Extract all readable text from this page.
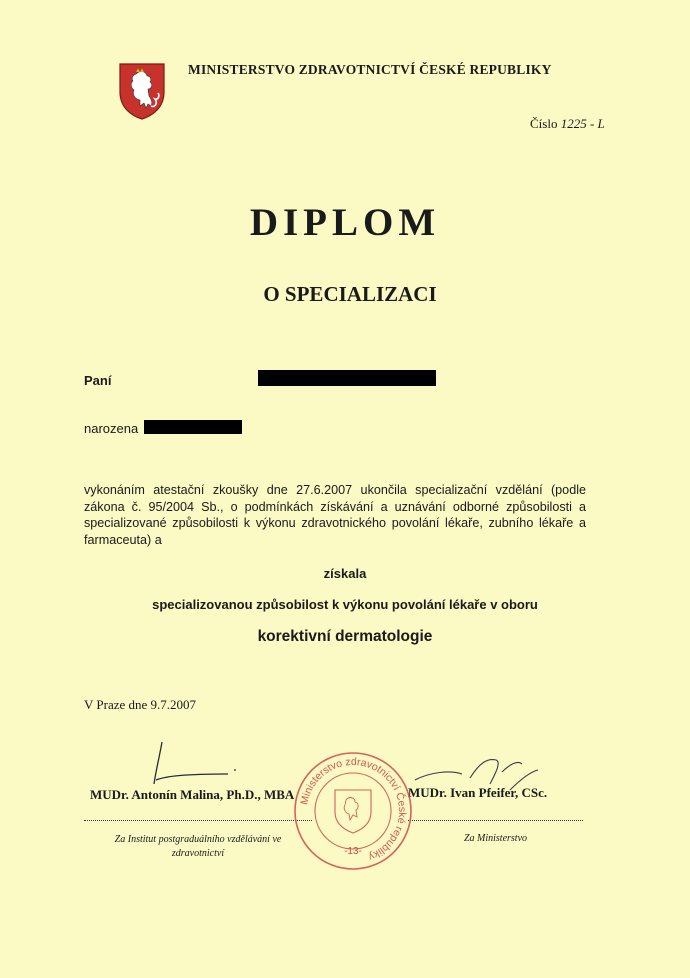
MINISTERSTVO ZDRAVOTNICTVÍ ČESKÉ REPUBLIKY
Číslo 1225 - L
DIPLOM
O SPECIALIZACI
Paní
narozena
vykonáním atestační zkoušky dne 27.6.2007 ukončila specializační vzdělání (podle zákona č. 95/2004 Sb., o podmínkách získávání a uznávání odborné způsobilosti a specializované způsobilosti k výkonu zdravotnického povolání lékaře, zubního lékaře a farmaceuta) a
získala
specializovanou způsobilost k výkonu povolání lékaře v oboru
korektivní dermatologie
V Praze dne 9.7.2007
MUDr. Antonín Malina, Ph.D., MBA	MUDr. Ivan Pfeifer, CSc.
Za Institut postgraduálního vzdělávání ve
zdravotnictví
Za Ministerstvo
Ministerstvo zdravotnictví České republiky
-13-
